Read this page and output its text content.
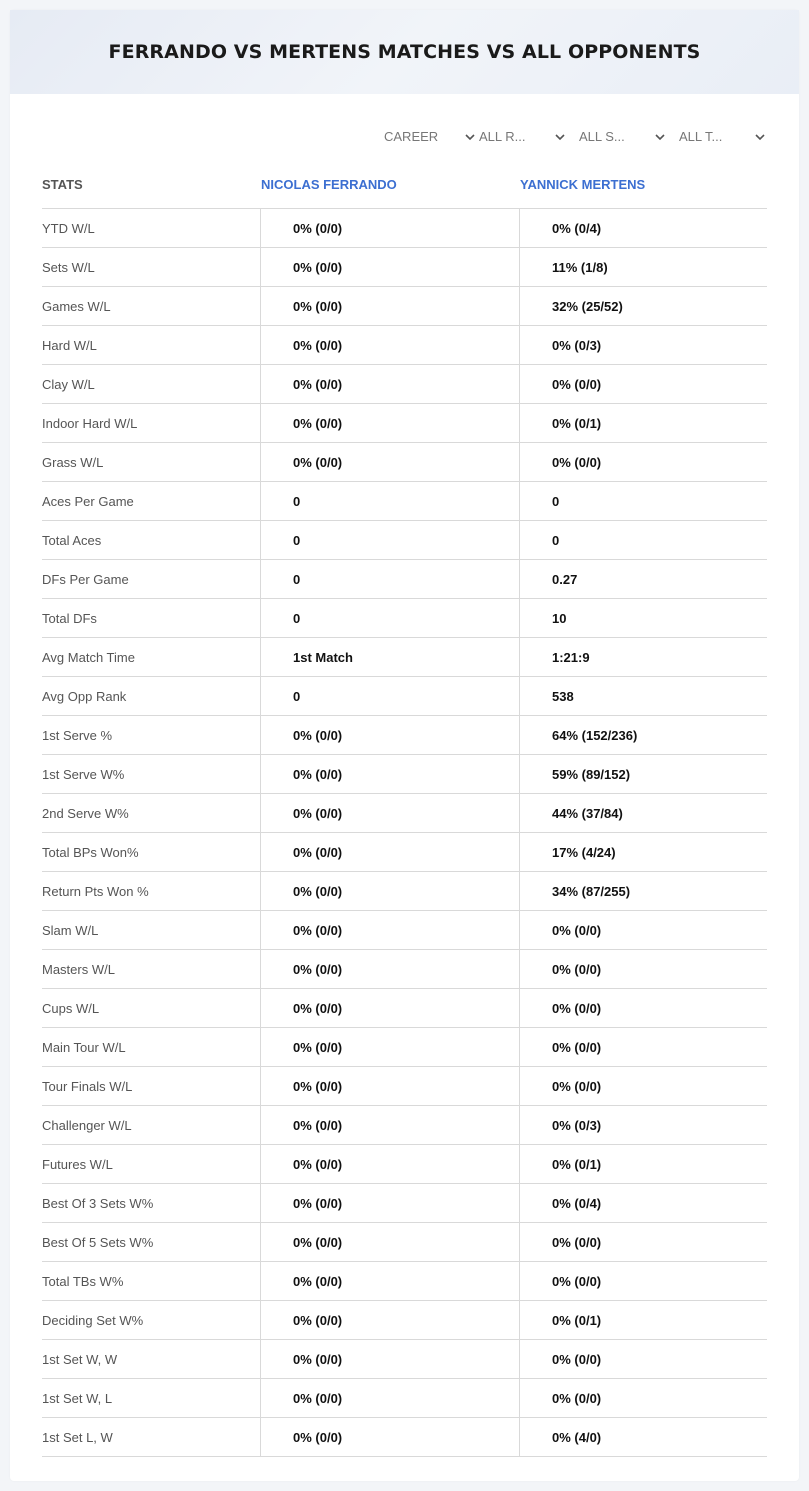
FERRANDO VS MERTENS MATCHES VS ALL OPPONENTS
CAREER	ALL R...	ALL S...	ALL T...
STATS	NICOLAS FERRANDO	YANNICK MERTENS
YTD W/L	0% (0/0)	0% (0/4)
Sets W/L	0% (0/0)	11% (1/8)
Games W/L	0% (0/0)	32% (25/52)
Hard W/L	0% (0/0)	0% (0/3)
Clay W/L	0% (0/0)	0% (0/0)
Indoor Hard W/L	0% (0/0)	0% (0/1)
Grass W/L	0% (0/0)	0% (0/0)
Aces Per Game	0	0
Total Aces	0	0
DFs Per Game	0	0.27
Total DFs	0	10
Avg Match Time	1st Match	1:21:9
Avg Opp Rank	0	538
1st Serve %	0% (0/0)	64% (152/236)
1st Serve W%	0% (0/0)	59% (89/152)
2nd Serve W%	0% (0/0)	44% (37/84)
Total BPs Won%	0% (0/0)	17% (4/24)
Return Pts Won %	0% (0/0)	34% (87/255)
Slam W/L	0% (0/0)	0% (0/0)
Masters W/L	0% (0/0)	0% (0/0)
Cups W/L	0% (0/0)	0% (0/0)
Main Tour W/L	0% (0/0)	0% (0/0)
Tour Finals W/L	0% (0/0)	0% (0/0)
Challenger W/L	0% (0/0)	0% (0/3)
Futures W/L	0% (0/0)	0% (0/1)
Best Of 3 Sets W%	0% (0/0)	0% (0/4)
Best Of 5 Sets W%	0% (0/0)	0% (0/0)
Total TBs W%	0% (0/0)	0% (0/0)
Deciding Set W%	0% (0/0)	0% (0/1)
1st Set W, W	0% (0/0)	0% (0/0)
1st Set W, L	0% (0/0)	0% (0/0)
1st Set L, W	0% (0/0)	0% (4/0)
